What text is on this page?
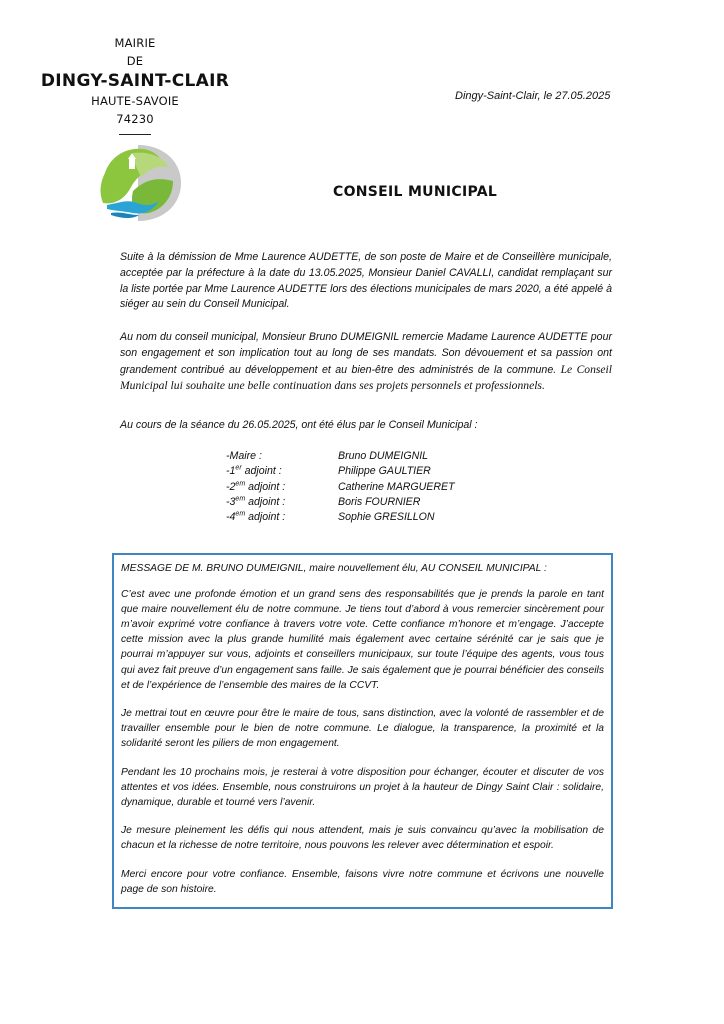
MAIRIE
DE
DINGY-SAINT-CLAIR
HAUTE-SAVOIE
74230
Dingy-Saint-Clair, le 27.05.2025
CONSEIL MUNICIPAL

Suite à la démission de Mme Laurence AUDETTE, de son poste de Maire et de Conseillère municipale, acceptée par la préfecture à la date du 13.05.2025, Monsieur Daniel CAVALLI, candidat remplaçant sur la liste portée par Mme Laurence AUDETTE lors des élections municipales de mars 2020, a été appelé à siéger au sein du Conseil Municipal.

Au nom du conseil municipal, Monsieur Bruno DUMEIGNIL remercie Madame Laurence AUDETTE pour son engagement et son implication tout au long de ses mandats. Son dévouement et sa passion ont grandement contribué au développement et au bien-être des administrés de la commune. Le Conseil Municipal lui souhaite une belle continuation dans ses projets personnels et professionnels.

Au cours de la séance du 26.05.2025, ont été élus par le Conseil Municipal :

-Maire :	Bruno DUMEIGNIL
-1er adjoint :	Philippe GAULTIER
$-2^{em}$ adjoint :	Catherine MARGUERET
$-3^{em}$ adjoint :	Boris FOURNIER
$-4^{em}$ adjoint :	Sophie GRESILLON

MESSAGE DE M. BRUNO DUMEIGNIL, maire nouvellement élu, AU CONSEIL MUNICIPAL :

C’est avec une profonde émotion et un grand sens des responsabilités que je prends la parole en tant que maire nouvellement élu de notre commune. Je tiens tout d’abord à vous remercier sincèrement pour m’avoir exprimé votre confiance à travers votre vote. Cette confiance m’honore et m’engage. J’accepte cette mission avec la plus grande humilité mais également avec certaine sérénité car je sais que je pourrai m’appuyer sur vous, adjoints et conseillers municipaux, sur toute l’équipe des agents, vous tous qui avez fait preuve d’un engagement sans faille. Je sais également que je pourrai bénéficier des conseils et de l’expérience de l’ensemble des maires de la CCVT.

Je mettrai tout en œuvre pour être le maire de tous, sans distinction, avec la volonté de rassembler et de travailler ensemble pour le bien de notre commune. Le dialogue, la transparence, la proximité et la solidarité seront les piliers de mon engagement.

Pendant les 10 prochains mois, je resterai à votre disposition pour échanger, écouter et discuter de vos attentes et vos idées. Ensemble, nous construirons un projet à la hauteur de Dingy Saint Clair : solidaire, dynamique, durable et tourné vers l’avenir.

Je mesure pleinement les défis qui nous attendent, mais je suis convaincu qu’avec la mobilisation de chacun et la richesse de notre territoire, nous pouvons les relever avec détermination et espoir.

Merci encore pour votre confiance. Ensemble, faisons vivre notre commune et écrivons une nouvelle page de son histoire.
